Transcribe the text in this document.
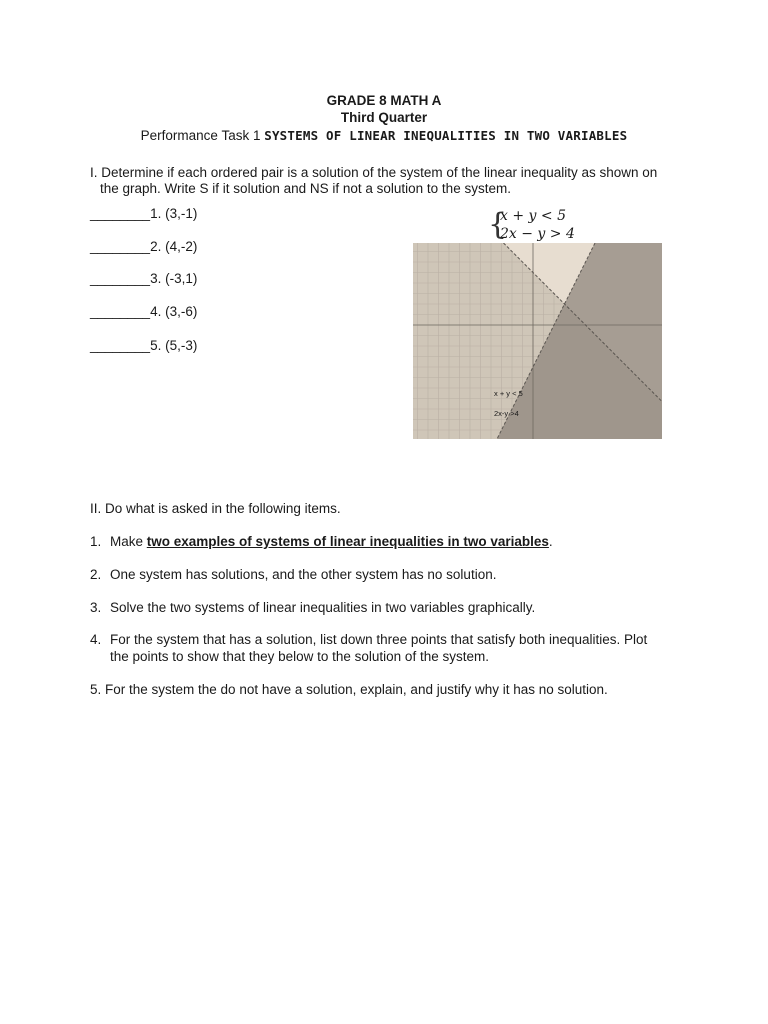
GRADE 8 MATH A
Third Quarter
Performance Task 1 SYSTEMS OF LINEAR INEQUALITIES IN TWO VARIABLES
I. Determine if each ordered pair is a solution of the system of the linear inequality as shown on
the graph. Write S if it solution and NS if not a solution to the system.
________1. (3,-1)
________2. (4,-2)
________3. (-3,1)
________4. (3,-6)
________5. (5,-3)
{
x + y < 5
2x − y > 4
x + y < 5
2x-y >4
II. Do what is asked in the following items.
1. Make two examples of systems of linear inequalities in two variables.
2. One system has solutions, and the other system has no solution.
3. Solve the two systems of linear inequalities in two variables graphically.
4. For the system that has a solution, list down three points that satisfy both inequalities. Plot
the points to show that they below to the solution of the system.
5. For the system the do not have a solution, explain, and justify why it has no solution.
